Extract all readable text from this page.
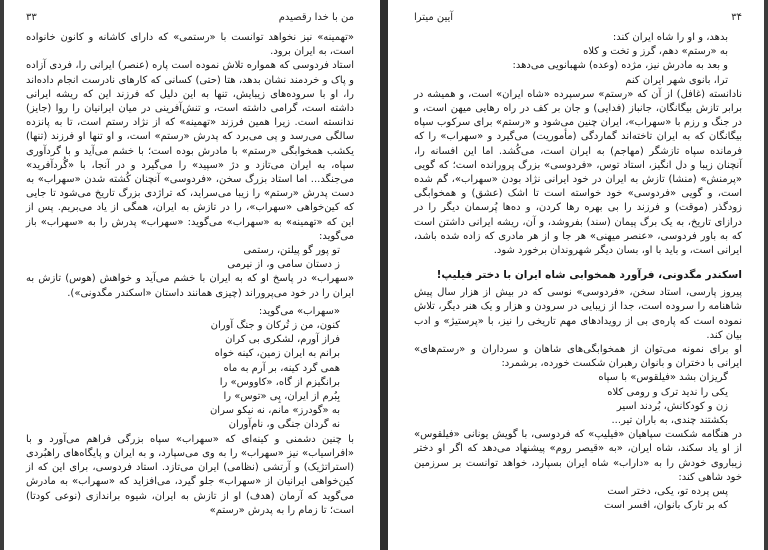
من با خدا رقصیدم
۳۳

«تهمینه» نیز نخواهد توانست با «رستمی» که دارای کاشانه و کانون خانواده است، به ایران برود.

استاد فردوسی که همواره تلاش نموده است پاره (عنصر) ایرانی را، فردی آزاده و پاک و خردمند نشان بدهد، هتا (حتی) کسانی که کارهای نادرست انجام داده‌اند را، او با سروده‌های زیبایش، تنها به این دلیل که فرزند این که ریشه ایرانی داشته است، گرامی داشته است، و تنش‌آفرینی در میان ایرانیان را روا (جایز) ندانسته است. زیرا همین فرزند «تهمینه» که از نژاد رستم است، تا به پانزده سالگی می‌رسد و پی می‌برد که پدرش «رستم» است، و او تنها او فرزند (تنها) یکشب همخوابگی «رستم» با مادرش بوده است؛ با خشم می‌آید و با گردآوری سپاه، به ایران می‌تازد و دژ «سپید» را می‌گیرد و در آنجا، با «گُردآفرید» می‌جنگد... اما استاد بزرگ سخن، «فردوسی» آنچنان کُشته شدن «سهراب» به دست پدرش «رستم» را زیبا می‌سراید، که تراژدی بزرگ تاریخ می‌شود تا جایی که کین‌خواهی «سهراب»، را در تازش به ایران، همگی از یاد می‌بریم. پس از این که «تهمینه» به «سهراب» می‌گوید: «سهراب» پدرش را به «سهراب» باز می‌گوید:

تو پور گو پیلتن، رستمی

ز دستان سامی و، از نیرمی

«سهراب» در پاسخ او که به ایران با خشم می‌آید و خواهش (هوس) تازش به ایران را در خود می‌پروراند (چیزی همانند داستان «اسکندر مگدونی»).

«سهراب» می‌گوید:

کنون، من ز تُرکان و جنگ آوران

فراز آورم، لشکری بی کران

برانم به ایران زمین، کینه خواه

همی گرد کینه، بر آرم به ماه

برانگیزم از گاه، «کاووس» را

بِبُرم از ایران، پِی «توس» را

به «گودرز» مانم، نه نیکو سران

نه گردان جنگی و، نام‌آوران

با چنین دشمنی و کینه‌ای که «سهراب» سپاه بزرگی فراهم می‌آورد و با «افراسیاب» نیز «سهراب» را به وی می‌سپارد، و به ایران و پایگاه‌های راهبُردی (استراتژیک) و آرتشی (نظامی) ایران می‌تازد. استاد فردوسی، برای این که از کین‌خواهی ایرانیان از «سهراب» جلو گیرد، می‌افزاید که «سهراب» به مادرش می‌گوید که آرمان (هدف) او از تازش به ایران، شیوه براندازی (نوعی کودتا) است؛ تا زمام را به پدرش «رستم»

۳۴
آیین میترا

بدهد، و او را شاه ایران کند:

به «رستم» دهم، گرز و تخت و کلاه

و بعد به مادرش نیز، مژده (وعده) شهبانویی می‌دهد:

ترا، بانوی شهر ایران کنم

نادانسته (غافل) از آن که «رستم» سرسپرده «شاه ایران» است، و همیشه در برابر تازش بیگانگان، جانباز (فدایی) و جان بر کف در راه رهایی میهن است، و در جنگ و رزم با «سهراب»، ایران چنین می‌شود و «رستم» برای سرکوب سپاه بیگانگان که به ایران تاخته‌اند گماردگی (مأموریت) می‌گیرد و «سهراب» را که فرمانده سپاه تازشگر (مهاجم) به ایران است، می‌کُشد. اما این افسانه را، آنچنان زیبا و دل انگیز، استاد توس، «فردوسی» بزرگ پرورانده است؛ که گویی «پرمنش» (منشا) تازش به ایران در خود ایرانی نژاد بودن «سهراب»، گم شده است، و گویی «فردوسی» خود خواسته است تا اشک (عشق) و همخوابگی زودگذر (موقت) و فرزند را بی بهره رها کردن، و ده‌ها پُرسمان دیگر را در درازای تاریخ، به یک برگ پیمان (سند) بفروشد، و آن، ریشه ایرانی داشتن است که به باور فردوسی، «عنصر میهنی» هر جا و از هر مادری که زاده شده باشد، ایرانی است، و باید با او، بسان دیگر شهروندان برخورد شود.

اسکندر مگدونی، فرآورد همخوابی شاه ایران با دختر فیلیپ!

پیروز پارسی، استاد سخن، «فردوسی» نوسی که در بیش از هزار سال پیش شاهنامه را سروده است، جدا از زیبایی در سرودن و هزار و یک هنر دیگر، تلاش نموده است که پاره‌ی بی از رویدادهای مهم تاریخی را نیز، با «پرستیژ» و ادب بیان کند.

او برای نمونه می‌توان از همخوابگی‌های شاهان و سرداران و «رستم‌های» ایرانی با دختران و بانوان رهبران شکست خورده، برشمرد:

گریزان بشد «فیلقوس» با سپاه

یکی را ندید ترک و رومی کلاه

زن و کودکانش، بُردند اسیر

بکشتند چندی، به باران تیر...

در هنگامه شکست سپاهیان «فیلیپ» که فردوسی، با گویش یونانی «فیلقوس» از او یاد سکند، شاه ایران، «به «قیصر روم» پیشنهاد می‌دهد که اگر او دختر زیباروی خودش را به «داراب» شاه ایران بسپارد، خواهد توانست بر سرزمین خود شاهی کند:

پس پرده تو، یکی، دختر است

که بر تارک بانوان، افسر است
